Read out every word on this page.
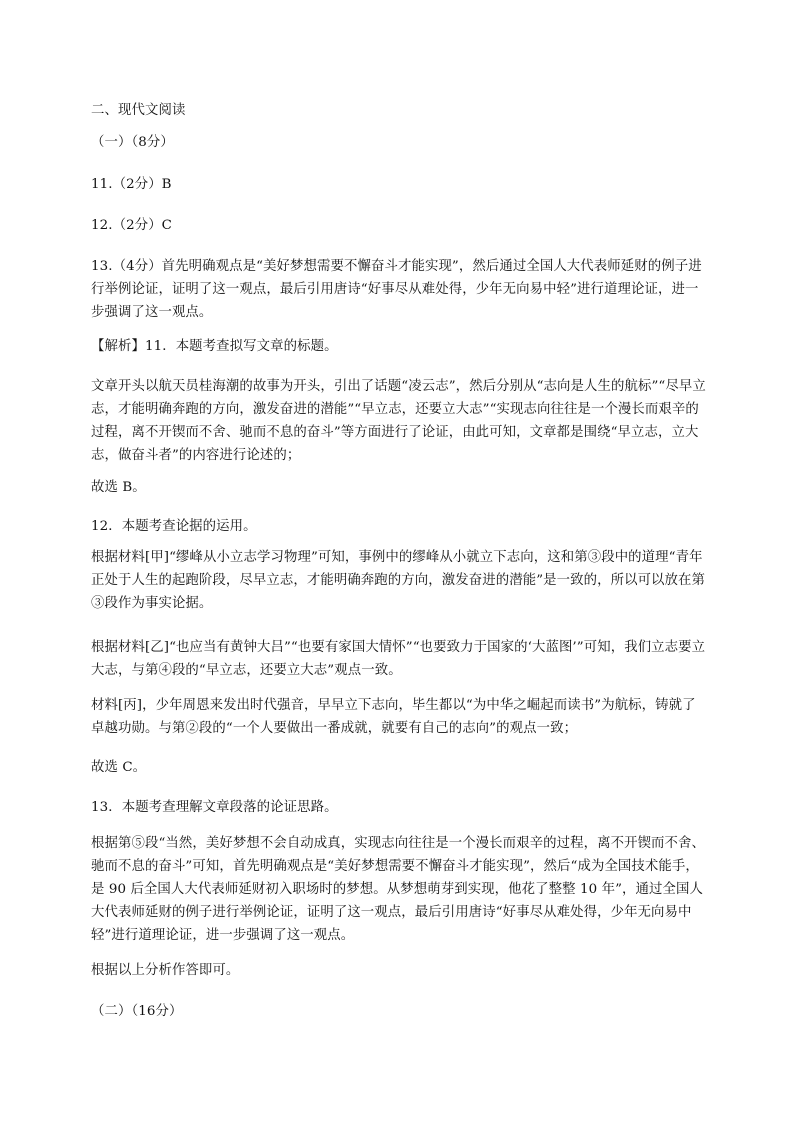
二、现代文阅读

（一）（8分）

11.（2分）B

12.（2分）C

13.（4分）首先明确观点是“美好梦想需要不懈奋斗才能实现”，然后通过全国人大代表师延财的例子进行举例论证，证明了这一观点，最后引用唐诗“好事尽从难处得，少年无向易中轻”进行道理论证，进一步强调了这一观点。

【解析】11．本题考查拟写文章的标题。

文章开头以航天员桂海潮的故事为开头，引出了话题“凌云志”，然后分别从“志向是人生的航标”“尽早立志，才能明确奔跑的方向，激发奋进的潜能”“早立志，还要立大志”“实现志向往往是一个漫长而艰辛的过程，离不开锲而不舍、驰而不息的奋斗”等方面进行了论证，由此可知，文章都是围绕“早立志，立大志，做奋斗者”的内容进行论述的；

故选 B。

12．本题考查论据的运用。

根据材料[甲]“缪峰从小立志学习物理”可知，事例中的缪峰从小就立下志向，这和第③段中的道理“青年正处于人生的起跑阶段，尽早立志，才能明确奔跑的方向，激发奋进的潜能”是一致的，所以可以放在第③段作为事实论据。

根据材料[乙]“也应当有黄钟大吕”“也要有家国大情怀”“也要致力于国家的‘大蓝图’”可知，我们立志要立大志，与第④段的“早立志，还要立大志”观点一致。

材料[丙]，少年周恩来发出时代强音，早早立下志向，毕生都以“为中华之崛起而读书”为航标，铸就了卓越功勋。与第②段的“一个人要做出一番成就，就要有自己的志向”的观点一致；

故选 C。

13．本题考查理解文章段落的论证思路。

根据第⑤段“当然，美好梦想不会自动成真，实现志向往往是一个漫长而艰辛的过程，离不开锲而不舍、驰而不息的奋斗”可知，首先明确观点是“美好梦想需要不懈奋斗才能实现”，然后“成为全国技术能手，是 90 后全国人大代表师延财初入职场时的梦想。从梦想萌芽到实现，他花了整整 10 年”，通过全国人大代表师延财的例子进行举例论证，证明了这一观点，最后引用唐诗“好事尽从难处得，少年无向易中轻”进行道理论证，进一步强调了这一观点。

根据以上分析作答即可。

（二）（16分）
